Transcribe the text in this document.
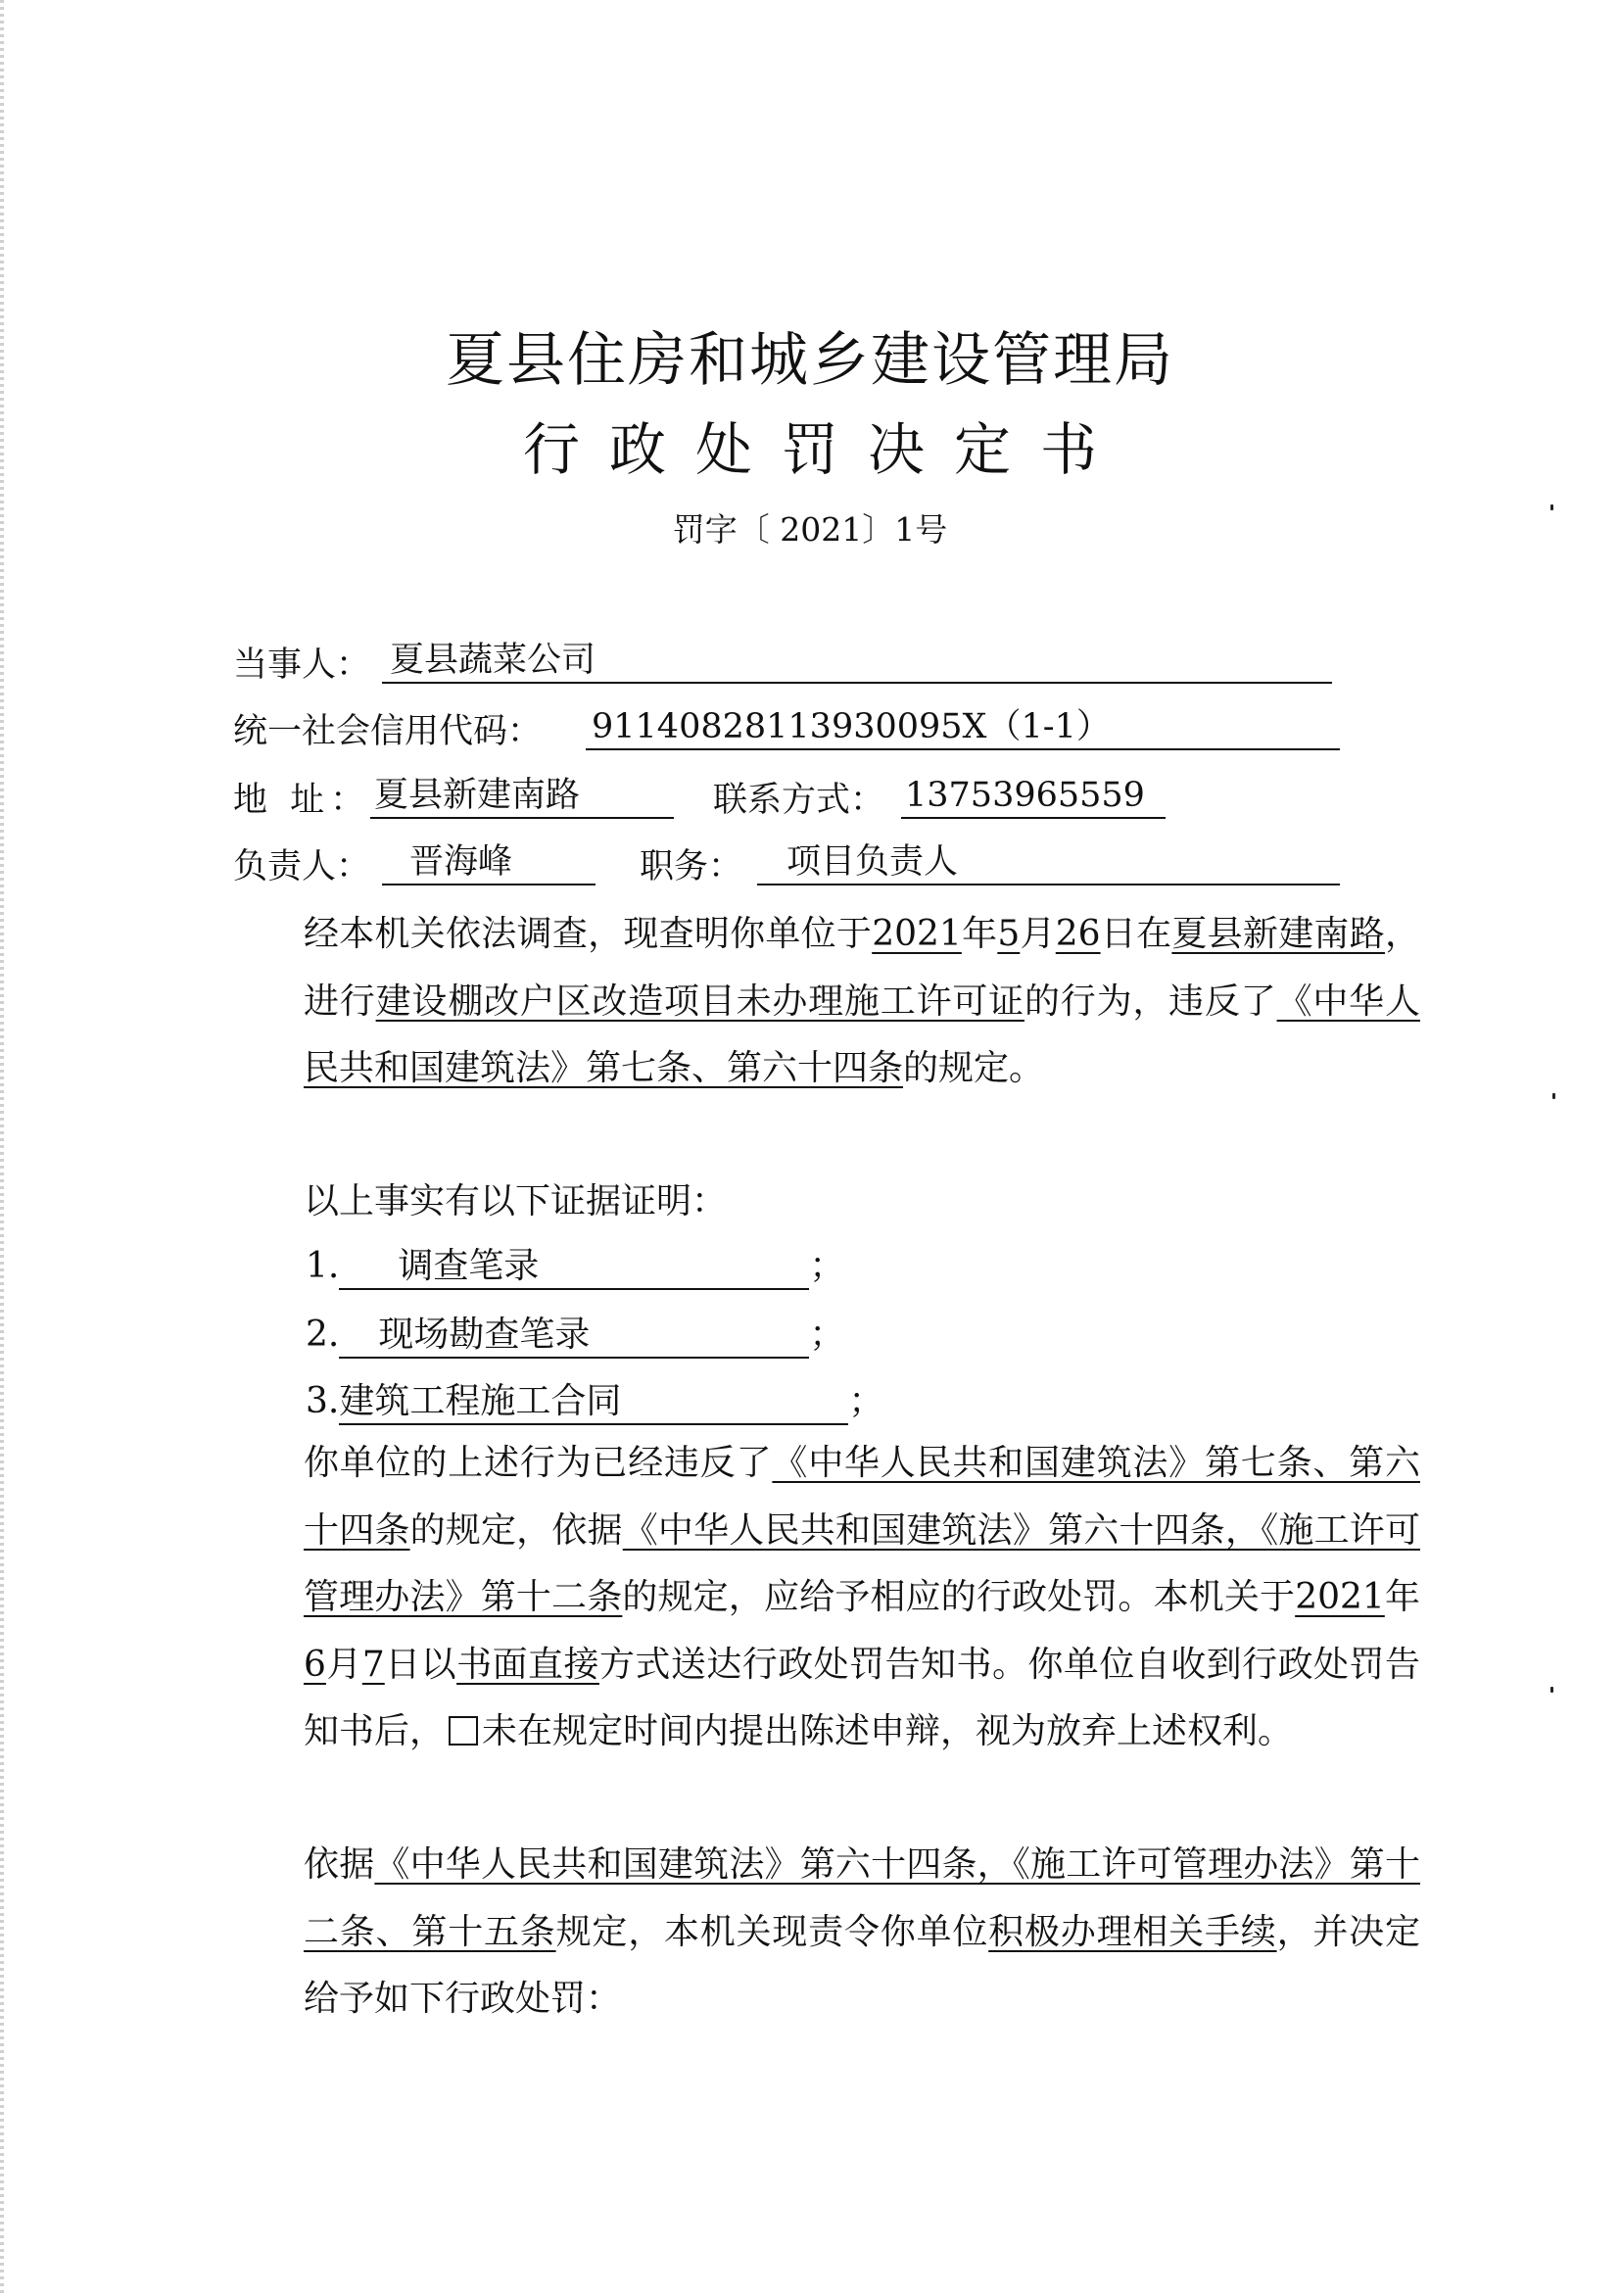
夏县住房和城乡建设管理局
行政处罚决定书
罚字〔 2021〕1号
当事人： 夏县蔬菜公司
统一社会信用代码： 91140828113930095X（1-1）
地 址： 夏县新建南路	联系方式： 13753965559
负责人：	晋海峰	职务：	项目负责人

经本机关依法调查，现查明你单位于2021年5月26日在夏县新建南路，进行建设棚改户区改造项目未办理施工许可证的行为，违反了《中华人民共和国建筑法》第七条、第六十四条的规定。

以上事实有以下证据证明：

1. 调查笔录	；
2. 现场勘查笔录	；
3.建筑工程施工合同	；

你单位的上述行为已经违反了《中华人民共和国建筑法》第七条、第六十四条的规定，依据《中华人民共和国建筑法》第六十四条，《施工许可管理办法》第十二条的规定，应给予相应的行政处罚。本机关于2021年6月7日以书面直接方式送达行政处罚告知书。你单位自收到行政处罚告知书后， 未在规定时间内提出陈述申辩，视为放弃上述权利。

依据《中华人民共和国建筑法》第六十四条，《施工许可管理办法》第十二条、第十五条规定，本机关现责令你单位积极办理相关手续，并决定给予如下行政处罚：
